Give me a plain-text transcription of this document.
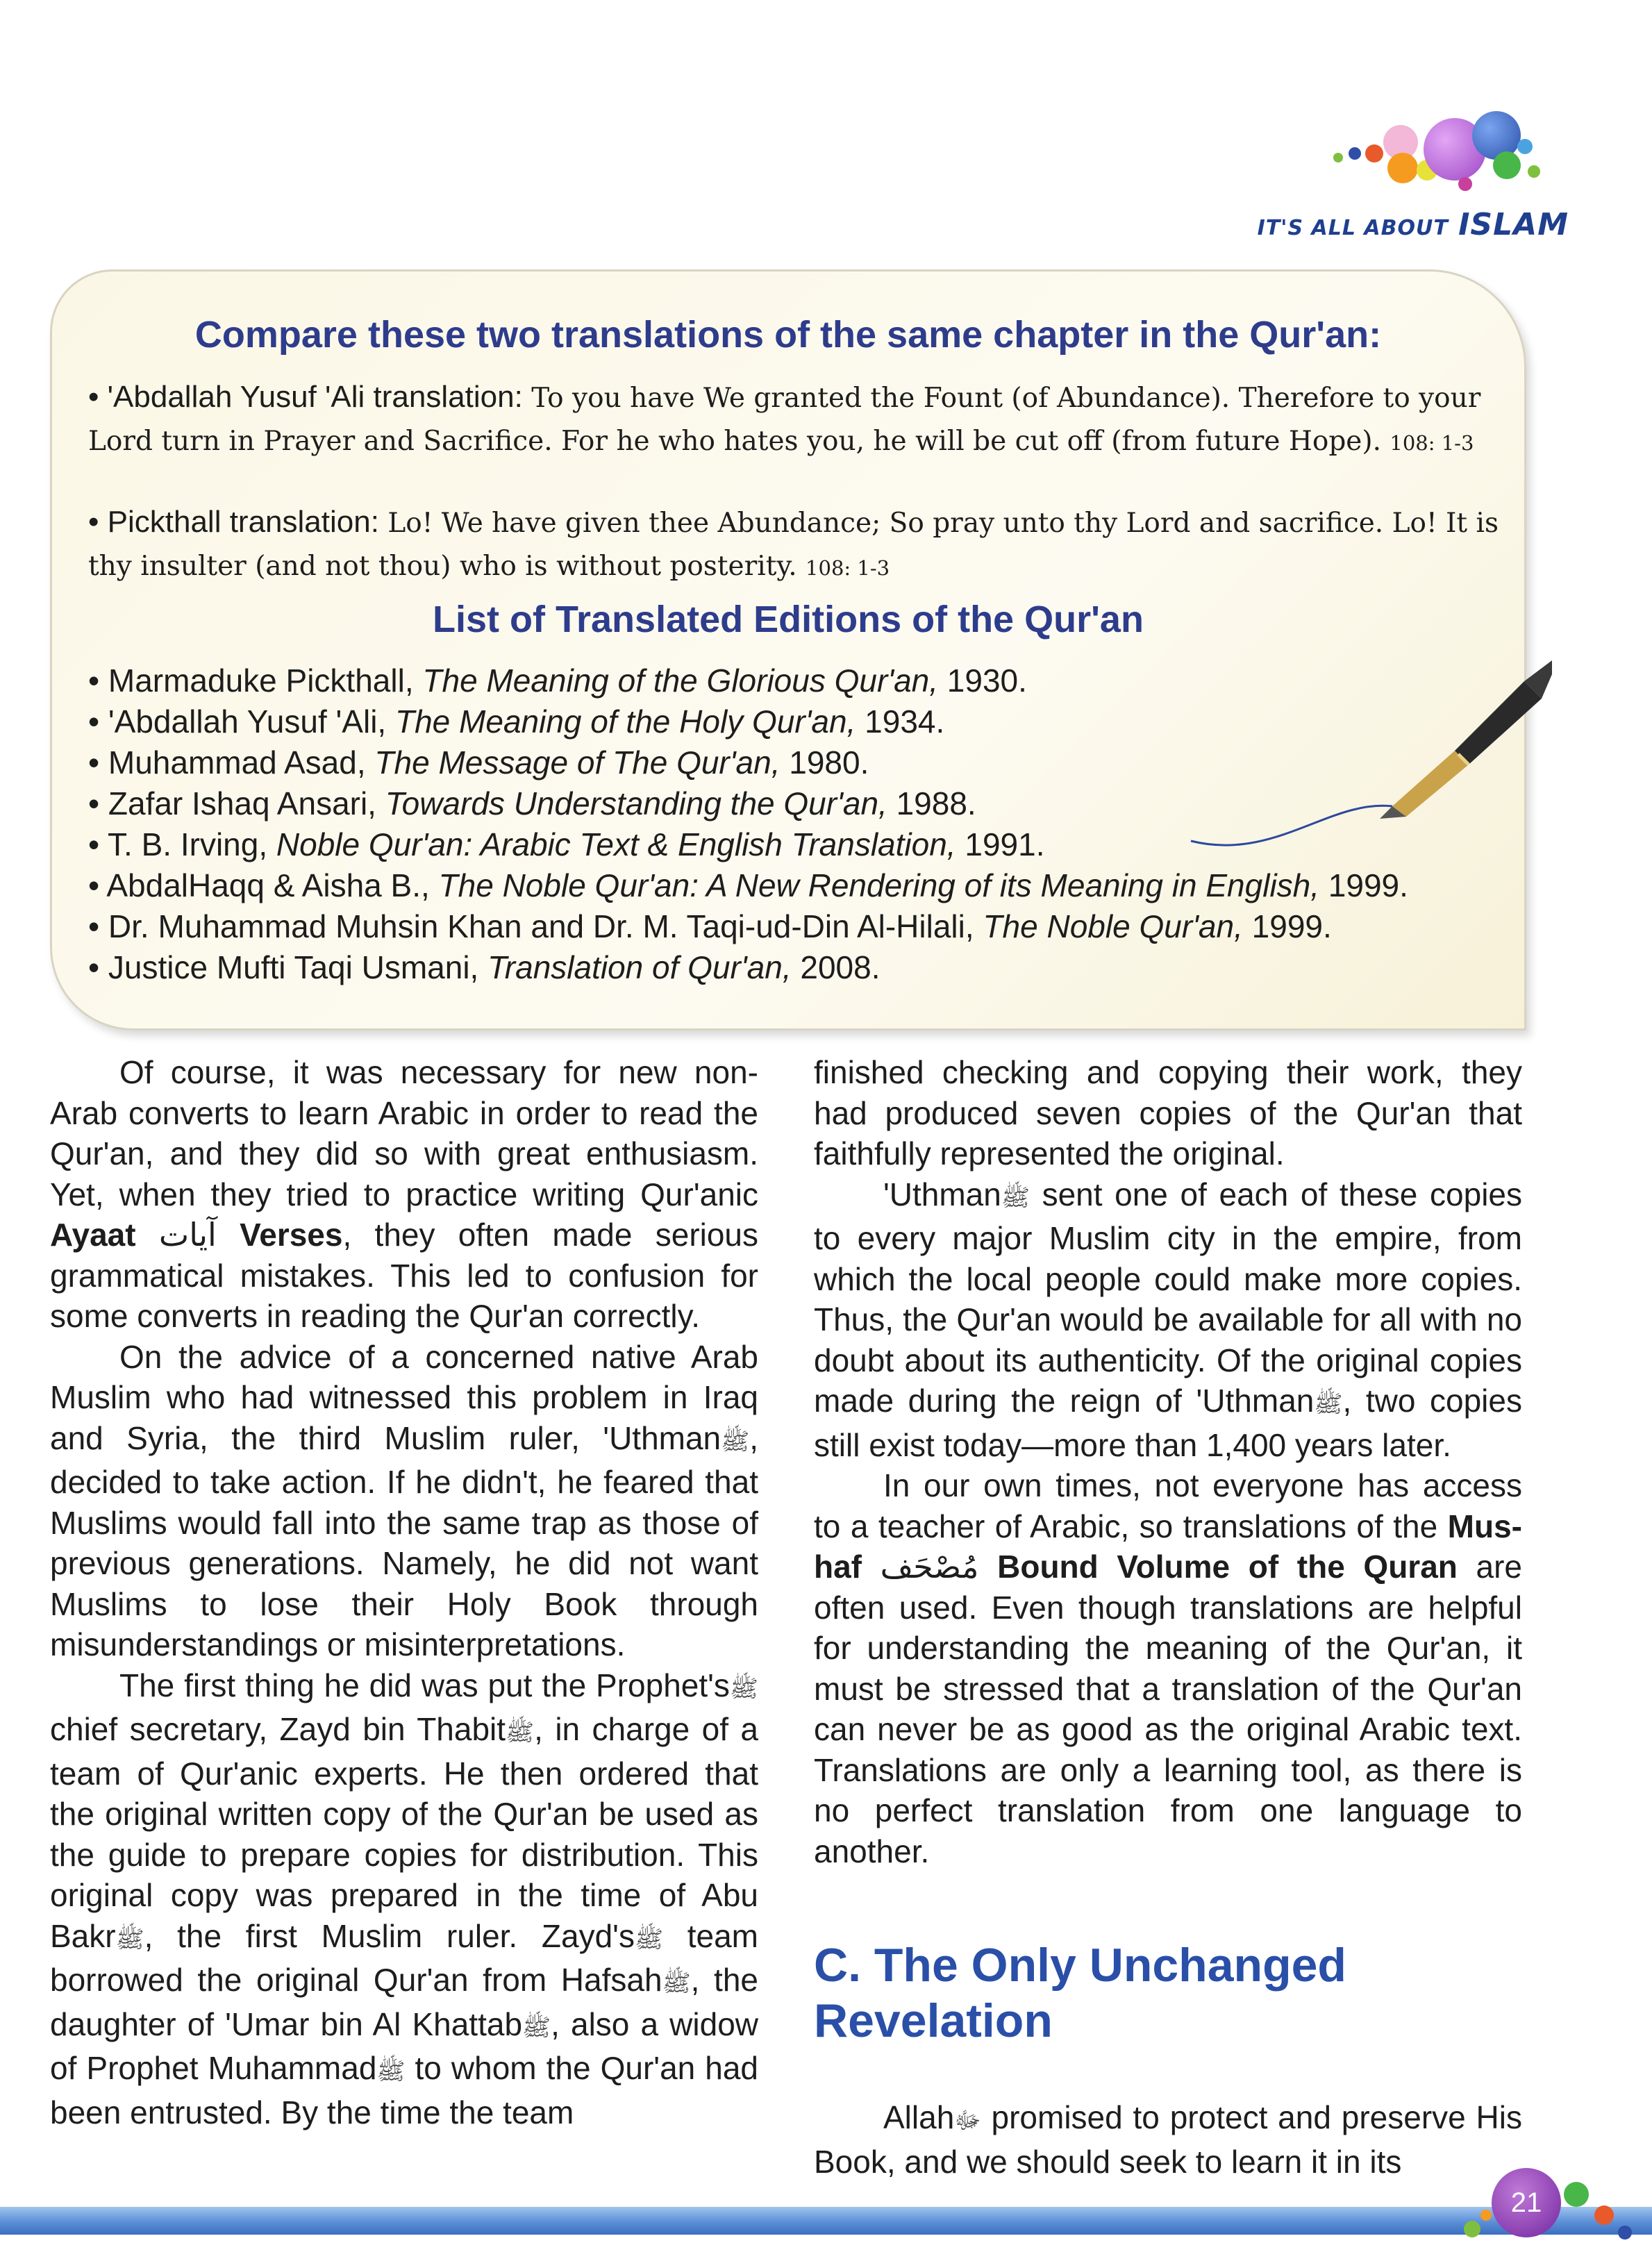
IT'S ALL ABOUT ISLAM
Compare these two translations of the same chapter in the Qur'an:

• 'Abdallah Yusuf 'Ali translation: To you have We granted the Fount (of Abundance). Therefore to your Lord turn in Prayer and Sacrifice. For he who hates you, he will be cut off (from future Hope). 108: 1-3

• Pickthall translation: Lo! We have given thee Abundance; So pray unto thy Lord and sacrifice. Lo! It is thy insulter (and not thou) who is without posterity. 108: 1-3

List of Translated Editions of the Qur'an
• Marmaduke Pickthall, The Meaning of the Glorious Qur'an, 1930.
• 'Abdallah Yusuf 'Ali, The Meaning of the Holy Qur'an, 1934.
• Muhammad Asad, The Message of The Qur'an, 1980.
• Zafar Ishaq Ansari, Towards Understanding the Qur'an, 1988.
• T. B. Irving, Noble Qur'an: Arabic Text & English Translation, 1991.
• AbdalHaqq & Aisha B., The Noble Qur'an: A New Rendering of its Meaning in English, 1999.
• Dr. Muhammad Muhsin Khan and Dr. M. Taqi-ud-Din Al-Hilali, The Noble Qur'an, 1999.
• Justice Mufti Taqi Usmani, Translation of Qur'an, 2008.

Of course, it was necessary for new non-Arab converts to learn Arabic in order to read the Qur'an, and they did so with great enthusiasm. Yet, when they tried to practice writing Qur'anic Ayaat آيات Verses, they often made serious grammatical mistakes. This led to confusion for some converts in reading the Qur'an correctly.

On the advice of a concerned native Arab Muslim who had witnessed this problem in Iraq and Syria, the third Muslim ruler, 'Uthmanﷺ, decided to take action. If he didn't, he feared that Muslims would fall into the same trap as those of previous generations. Namely, he did not want Muslims to lose their Holy Book through misunderstandings or misinterpretations.

The first thing he did was put the Prophet'sﷺ chief secretary, Zayd bin Thabitﷺ, in charge of a team of Qur'anic experts. He then ordered that the original written copy of the Qur'an be used as the guide to prepare copies for distribution. This original copy was prepared in the time of Abu Bakrﷺ, the first Muslim ruler. Zayd'sﷺ team borrowed the original Qur'an from Hafsahﷺ, the daughter of 'Umar bin Al Khattabﷺ, also a widow of Prophet Muhammadﷺ to whom the Qur'an had been entrusted. By the time the team

finished checking and copying their work, they had produced seven copies of the Qur'an that faithfully represented the original.

'Uthmanﷺ sent one of each of these copies to every major Muslim city in the empire, from which the local people could make more copies. Thus, the Qur'an would be available for all with no doubt about its authenticity. Of the original copies made during the reign of 'Uthmanﷺ, two copies still exist today—more than 1,400 years later.

In our own times, not everyone has access to a teacher of Arabic, so translations of the Mus-haf مُصْحَف Bound Volume of the Quran are often used. Even though translations are helpful for understanding the meaning of the Qur'an, it must be stressed that a translation of the Qur'an can never be as good as the original Arabic text. Translations are only a learning tool, as there is no perfect translation from one language to another.

C. The Only Unchanged
Revelation

Allahﷻ promised to protect and preserve His Book, and we should seek to learn it in its

21
